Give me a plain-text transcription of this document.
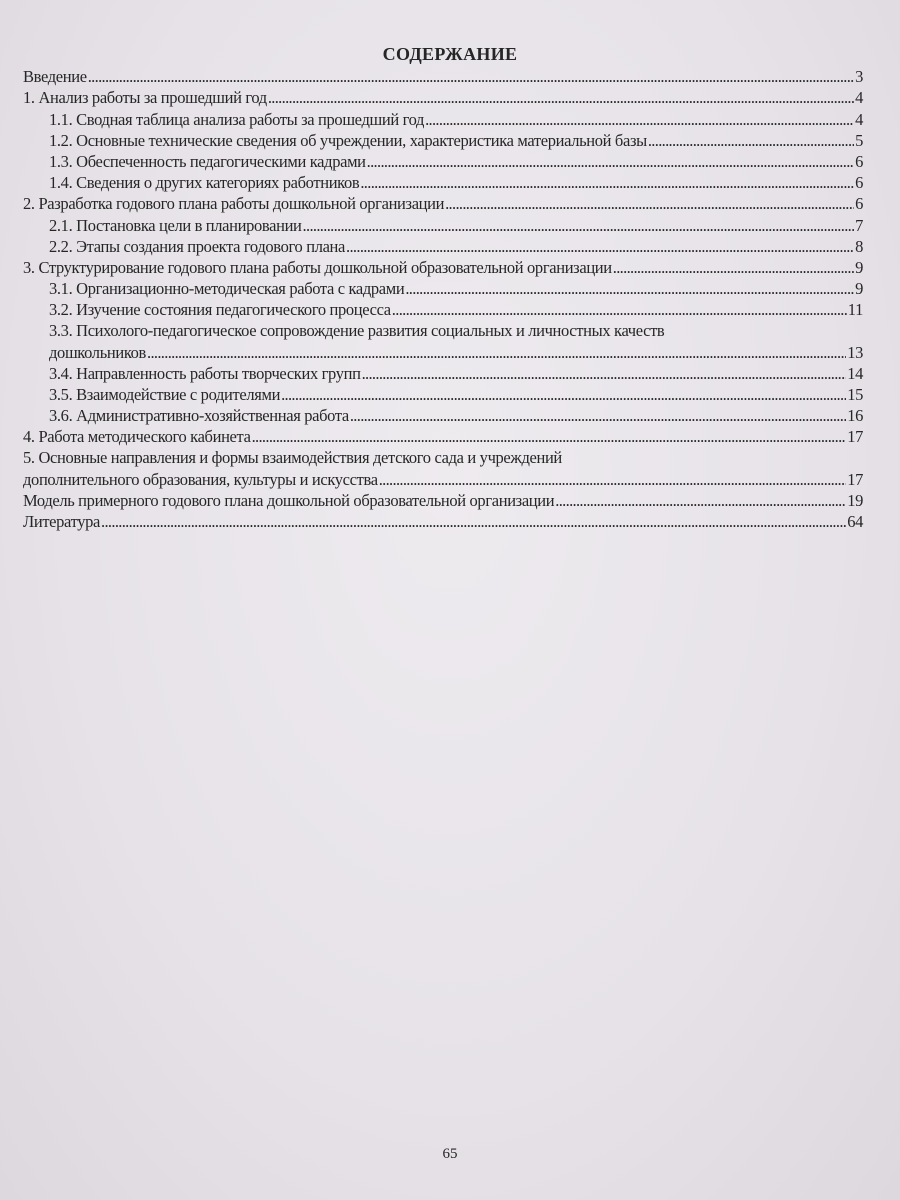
СОДЕРЖАНИЕ
Введение . . .	3
1. Анализ работы за прошедший год . . .	4
1.1. Сводная таблица анализа работы за прошедший год . . .	4
1.2. Основные технические сведения об учреждении, характеристика материальной базы . . .	5
1.3. Обеспеченность педагогическими кадрами . . .	6
1.4. Сведения о других категориях работников . . .	6
2. Разработка годового плана работы дошкольной организации . . .	6
2.1. Постановка цели в планировании . . .	7
2.2. Этапы создания проекта годового плана . . .	8
3. Структурирование годового плана работы дошкольной образовательной организации . . .	9
3.1. Организационно-методическая работа с кадрами . . .	9
3.2. Изучение состояния педагогического процесса . . .	11
3.3. Психолого-педагогическое сопровождение развития социальных и личностных качеств
дошкольников . . .	13
3.4. Направленность работы творческих групп . . .	14
3.5. Взаимодействие с родителями . . .	15
3.6. Административно-хозяйственная работа . . .	16
4. Работа методического кабинета . . .	17
5. Основные направления и формы взаимодействия детского сада и учреждений
дополнительного образования, культуры и искусства . . .	17
Модель примерного годового плана дошкольной образовательной организации . . .	19
Литература . . .	64
65
